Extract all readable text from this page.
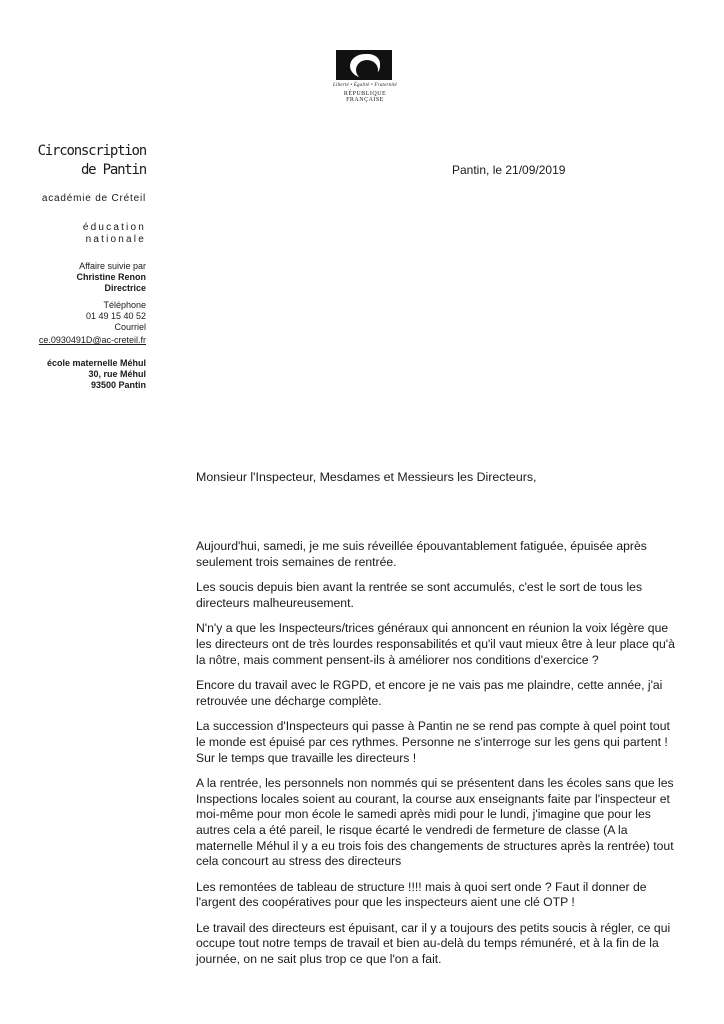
Liberté • Égalité • Fraternité
RÉPUBLIQUE FRANÇAISE
Circonscription
de Pantin
académie de Créteil
éducation
nationale
Affaire suivie par
Christine Renon
Directrice
Téléphone
01 49 15 40 52
Courriel
ce.0930491D@ac-creteil.fr
école maternelle Méhul
30, rue Méhul
93500 Pantin
Pantin, le 21/09/2019
Monsieur l'Inspecteur, Mesdames et Messieurs les Directeurs,

Aujourd'hui, samedi, je me suis réveillée épouvantablement fatiguée, épuisée après seulement trois semaines de rentrée.

Les soucis depuis bien avant la rentrée se sont accumulés, c'est le sort de tous les directeurs malheureusement.

N'n'y a que les Inspecteurs/trices généraux qui annoncent en réunion la voix légère que les directeurs ont de très lourdes responsabilités et qu'il vaut mieux être à leur place qu'à la nôtre, mais comment pensent-ils à améliorer nos conditions d'exercice ?

Encore du travail avec le RGPD, et encore je ne vais pas me plaindre, cette année, j'ai retrouvée une décharge complète.

La succession d'Inspecteurs qui passe à Pantin ne se rend pas compte à quel point tout le monde est épuisé par ces rythmes. Personne ne s'interroge sur les gens qui partent ! Sur le temps que travaille les directeurs !

A la rentrée, les personnels non nommés qui se présentent dans les écoles sans que les Inspections locales soient au courant, la course aux enseignants faite par l'inspecteur et moi-même pour mon école le samedi après midi pour le lundi, j'imagine que pour les autres cela a été pareil, le risque écarté le vendredi de fermeture de classe (A la maternelle Méhul il y a eu trois fois des changements de structures après la rentrée) tout cela concourt au stress des directeurs

Les remontées de tableau de structure !!!! mais à quoi sert onde ? Faut il donner de l'argent des coopératives pour que les inspecteurs aient une clé OTP !

Le travail des directeurs est épuisant, car il y a toujours des petits soucis à régler, ce qui occupe tout notre temps de travail et bien au-delà du temps rémunéré, et à la fin de la journée, on ne sait plus trop ce que l'on a fait.
